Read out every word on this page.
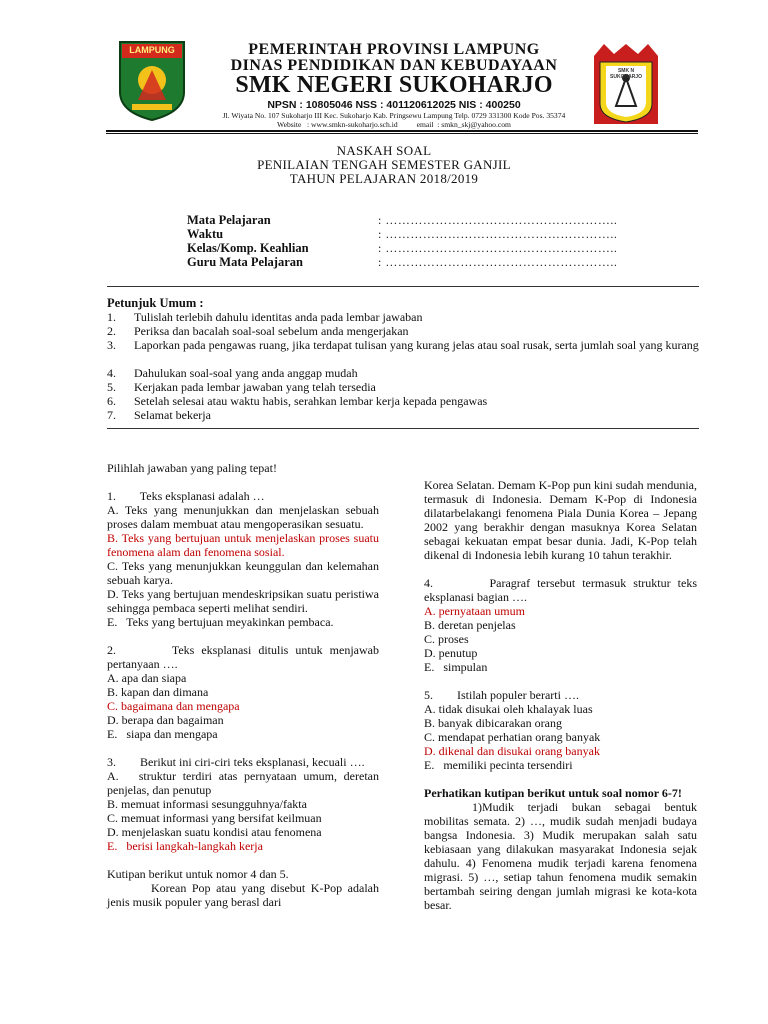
LAMPUNG	PEMERINTAH PROVINSI LAMPUNG
DINAS PENDIDIKAN DAN KEBUDAYAAN
SMK NEGERI SUKOHARJO
NPSN : 10805046 NSS : 401120612025 NIS : 400250
Jl. Wiyata No. 107 Sukoharjo III Kec. Sukoharjo Kab. Pringsewu Lampung Telp. 0729 331300 Kode Pos. 35374
Website   : www.smkn-sukoharjo.sch.id          email  : smkn_skj@yahoo.com
SMK N SUKOHARJO
NASKAH SOAL
PENILAIAN TENGAH SEMESTER GANJIL
TAHUN PELAJARAN 2018/2019
Mata Pelajaran	: ………………………………………………..
Waktu	: ………………………………………………..
Kelas/Komp. Keahlian	: ………………………………………………..
Guru Mata Pelajaran	: ………………………………………………..
Petunjuk Umum :
1. Tulislah terlebih dahulu identitas anda pada lembar jawaban
2. Periksa dan bacalah soal-soal sebelum anda mengerjakan
3. Laporkan pada pengawas ruang, jika terdapat tulisan yang kurang jelas atau soal rusak, serta jumlah soal yang kurang
4. Dahulukan soal-soal yang anda anggap mudah
5. Kerjakan pada lembar jawaban yang telah tersedia
6. Setelah selesai atau waktu habis, serahkan lembar kerja kepada pengawas
7. Selamat bekerja
Pilihlah jawaban yang paling tepat!
1.        Teks eksplanasi adalah …
A. Teks yang menunjukkan dan menjelaskan sebuah proses dalam membuat atau mengoperasikan sesuatu.
B. Teks yang bertujuan untuk menjelaskan proses suatu fenomena alam dan fenomena sosial.
C. Teks yang menunjukkan keunggulan dan kelemahan sebuah karya.
D. Teks yang bertujuan mendeskripsikan suatu peristiwa sehingga pembaca seperti melihat sendiri.
E.   Teks yang bertujuan meyakinkan pembaca.
2.        Teks eksplanasi ditulis untuk menjawab pertanyaan ….
A. apa dan siapa
B. kapan dan dimana
C. bagaimana dan mengapa
D. berapa dan bagaiman
E.   siapa dan mengapa
3.        Berikut ini ciri-ciri teks eksplanasi, kecuali ….
A.   struktur terdiri atas pernyataan umum, deretan penjelas, dan penutup
B. memuat informasi sesungguhnya/fakta
C. memuat informasi yang bersifat keilmuan
D. menjelaskan suatu kondisi atau fenomena
E.   berisi langkah-langkah kerja
Kutipan berikut untuk nomor 4 dan 5.
Korean Pop atau yang disebut K-Pop adalah jenis musik populer yang berasl dari
Korea Selatan. Demam K-Pop pun kini sudah mendunia, termasuk di Indonesia. Demam K-Pop di Indonesia dilatarbelakangi fenomena Piala Dunia Korea – Jepang 2002 yang berakhir dengan masuknya Korea Selatan sebagai kekuatan empat besar dunia. Jadi, K-Pop telah dikenal di Indonesia lebih kurang 10 tahun terakhir.
4.        Paragraf tersebut termasuk struktur teks eksplanasi bagian ….
A. pernyataan umum
B. deretan penjelas
C. proses
D. penutup
E.   simpulan
5.        Istilah populer berarti ….
A. tidak disukai oleh khalayak luas
B. banyak dibicarakan orang
C. mendapat perhatian orang banyak
D. dikenal dan disukai orang banyak
E.   memiliki pecinta tersendiri
Perhatikan kutipan berikut untuk soal nomor 6-7!
1)Mudik terjadi bukan sebagai bentuk mobilitas semata. 2) …, mudik sudah menjadi budaya bangsa Indonesia. 3) Mudik merupakan salah satu kebiasaan yang dilakukan masyarakat Indonesia sejak dahulu. 4) Fenomena mudik terjadi karena fenomena migrasi. 5) …, setiap tahun fenomena mudik semakin bertambah seiring dengan jumlah migrasi ke kota-kota besar.
